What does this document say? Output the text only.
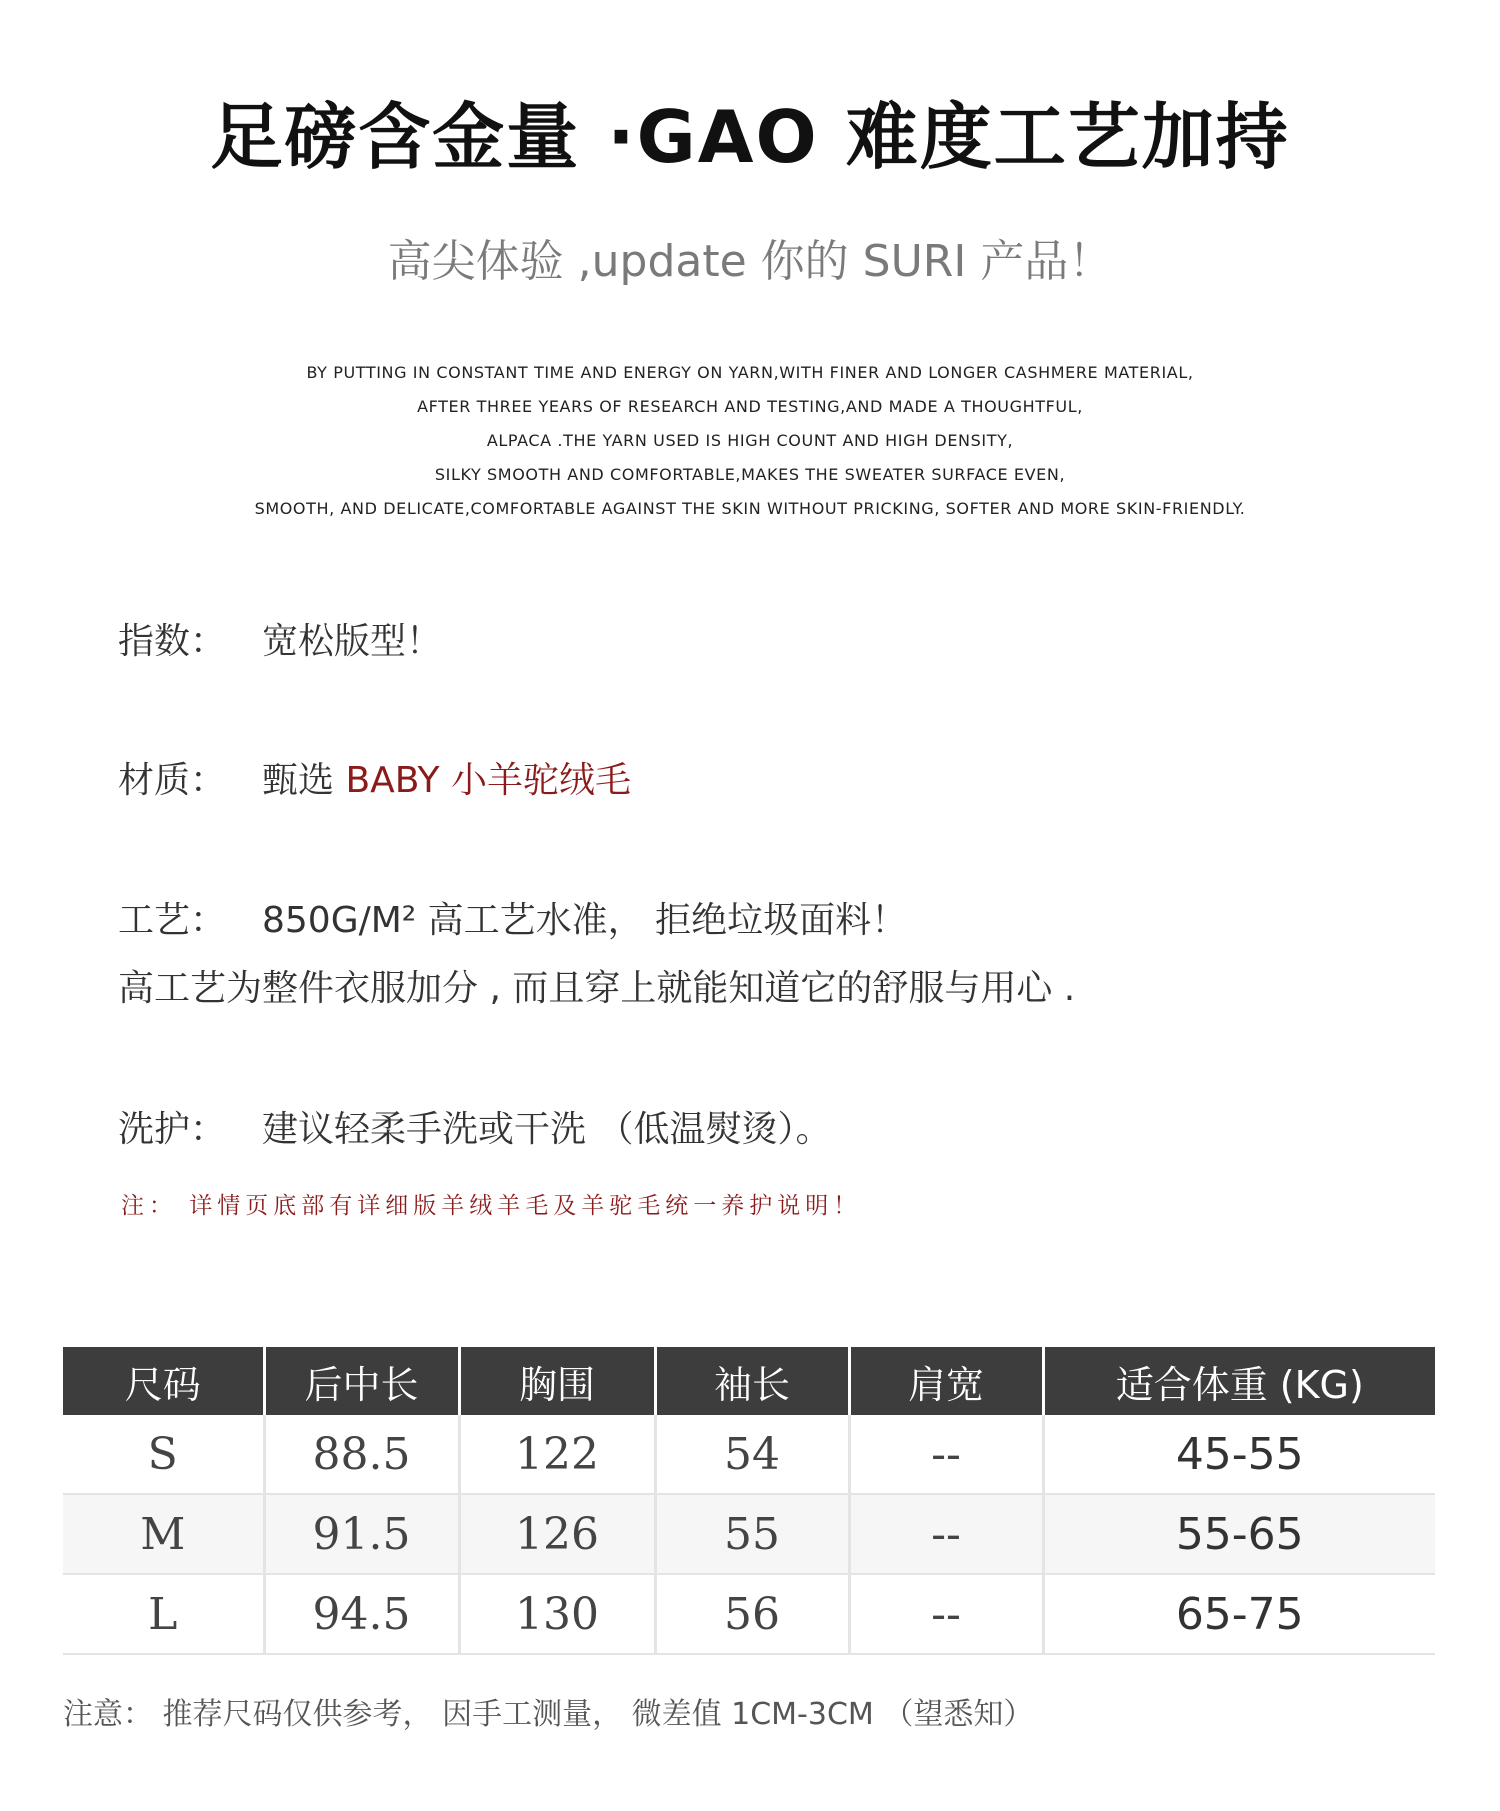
足磅含金量 ·GAO 难度工艺加持
高尖体验 ,update 你的 SURI 产品！
BY PUTTING IN CONSTANT TIME AND ENERGY ON YARN,WITH FINER AND LONGER CASHMERE MATERIAL,
AFTER THREE YEARS OF RESEARCH AND TESTING,AND MADE A THOUGHTFUL,
ALPACA .THE YARN USED IS HIGH COUNT AND HIGH DENSITY,
SILKY SMOOTH AND COMFORTABLE,MAKES THE SWEATER SURFACE EVEN,
SMOOTH, AND DELICATE,COMFORTABLE AGAINST THE SKIN WITHOUT PRICKING, SOFTER AND MORE SKIN-FRIENDLY.
指数： 宽松版型！
材质： 甄选 BABY 小羊驼绒毛
工艺： 850G/M² 高工艺水准， 拒绝垃圾面料！
高工艺为整件衣服加分 , 而且穿上就能知道它的舒服与用心 .
洗护： 建议轻柔手洗或干洗 （低温熨烫）。
注： 详情页底部有详细版羊绒羊毛及羊驼毛统一养护说明！
尺码	后中长	胸围	袖长	肩宽	适合体重 (KG)
S	88.5	122	54	--	45-55
M	91.5	126	55	--	55-65
L	94.5	130	56	--	65-75
注意： 推荐尺码仅供参考， 因手工测量， 微差值 1CM-3CM （望悉知）
